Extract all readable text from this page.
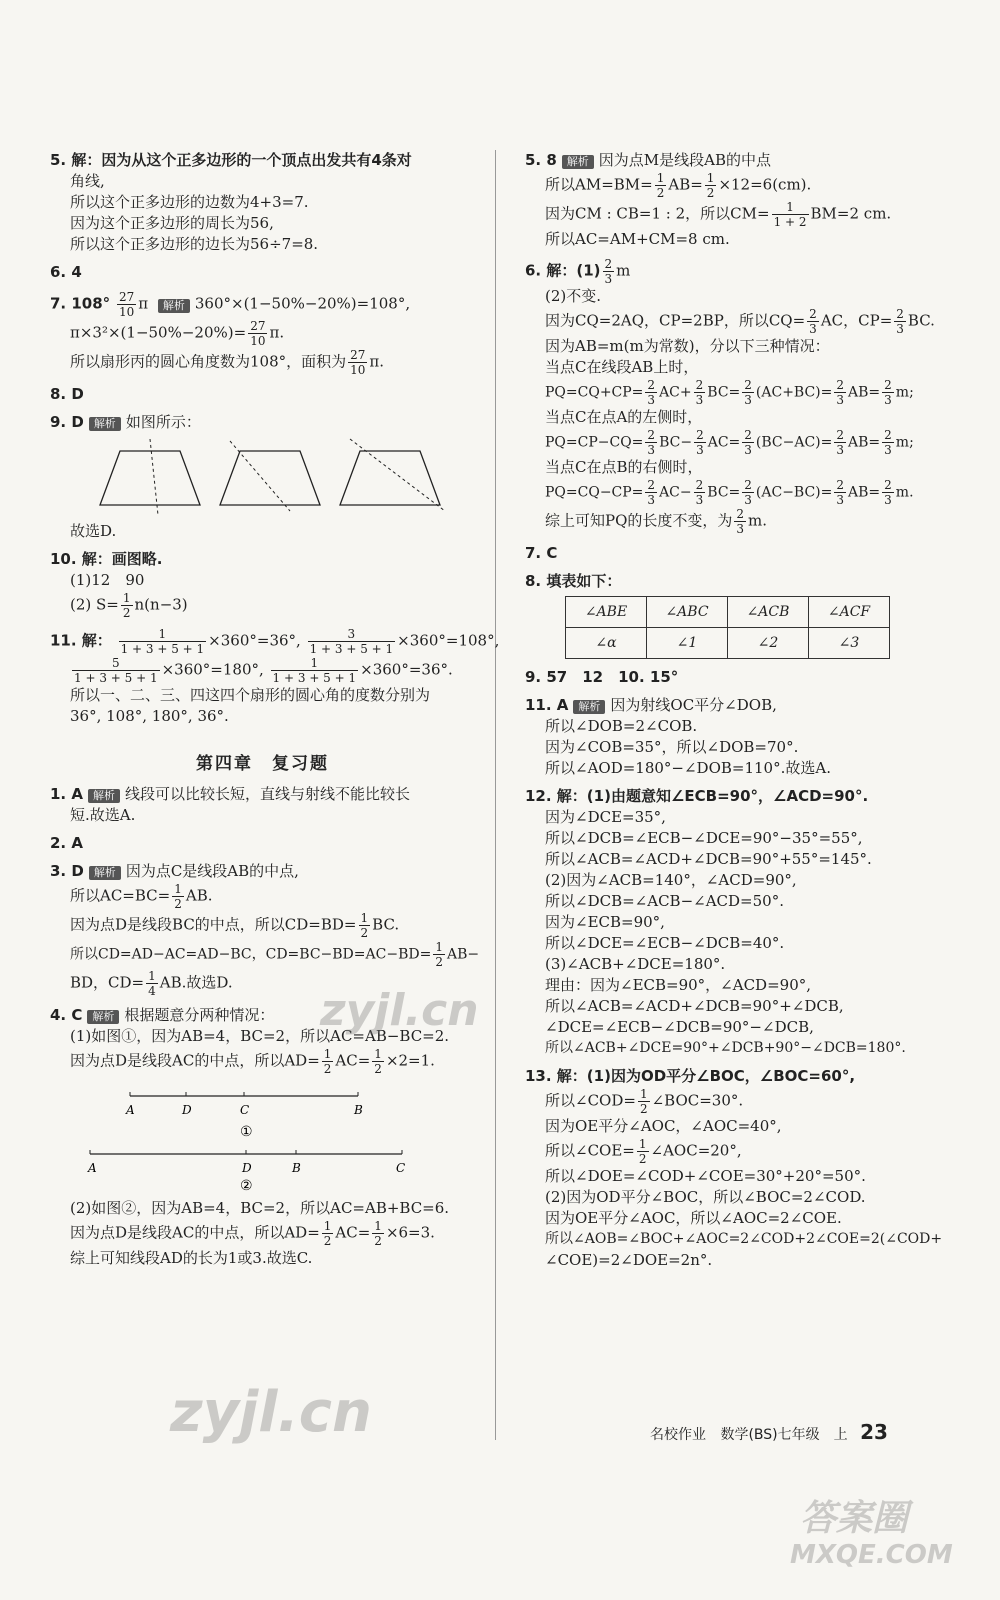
5. 解：因为从这个正多边形的一个顶点出发共有4条对
角线,
所以这个正多边形的边数为4+3=7.
因为这个正多边形的周长为56,
所以这个正多边形的边长为56÷7=8.
6. 4
7. $108^\circ \frac{27}{10}$ π 解析 360°×(1−50%−20%)=108°,
$\pi\times 3^2\times(1-50\%-20\%)= \frac{27}{10} \pi$.
所以扇形丙的圆心角度数为108°，面积为 $\frac{27}{10} \pi$.
8. D
9. D 解析 如图所示：
故选D.
10. 解：画图略.
(1)12　90
(2) $S= \frac{1}{2} n(n-3)$
11. 解： $\frac{1}{1 + 3 + 5 + 1} \times 360^\circ=36^\circ$, $\frac{3}{1 + 3 + 5 + 1} \times 360^\circ=108^\circ$,
$\frac{5}{1 + 3 + 5 + 1} \times 360^\circ=180^\circ$, $\frac{1}{1 + 3 + 5 + 1} \times 360^\circ=36^\circ$.
所以一、二、三、四这四个扇形的圆心角的度数分别为
36°, 108°, 180°, 36°.
第四章　复习题
1. A 解析 线段可以比较长短，直线与射线不能比较长
短.故选A.
2. A
3. D 解析 因为点C是线段AB的中点,
所以$AC=BC= \frac{1}{2}$ AB.
因为点D是线段BC的中点，所以$CD=BD= \frac{1}{2}$ BC.
所以CD=AD−AC=AD−BC，$CD=BC-BD=AC-BD= \frac{1}{2} AB-$
BD，$CD= \frac{1}{4}$ AB.故选D.
4. C 解析 根据题意分两种情况：
(1)如图①，因为AB=4，BC=2，所以AC=AB−BC=2.
因为点D是线段AC的中点，所以$AD= \frac{1}{2} AC= \frac{1}{2} \times 2=1$.
A	D	C	B
①
A	D	B	C
②
(2)如图②，因为AB=4，BC=2，所以AC=AB+BC=6.
因为点D是线段AC的中点，所以$AD= \frac{1}{2} AC= \frac{1}{2} \times 6=3$.
综上可知线段AD的长为1或3.故选C.
5. 8 解析 因为点M是线段AB的中点
所以$AM=BM= \frac{1}{2} AB= \frac{1}{2} \times 12=6(cm)$.
因为CM : CB=1 : 2，所以$CM= \frac{1}{1 + 2} BM=2$ cm.
所以AC=AM+CM=8 cm.
6. 解：$(1) \frac{2}{3}$ m
(2)不变.
因为CQ=2AQ，CP=2BP，所以$CQ= \frac{2}{3}$ AC，$CP= \frac{2}{3}$ BC.
因为AB=m(m为常数)，分以下三种情况：
当点C在线段AB上时，
$PQ=CQ+CP= \frac{2}{3} AC+ \frac{2}{3} BC= \frac{2}{3} (AC+BC)= \frac{2}{3} AB= \frac{2}{3} m$;
当点C在点A的左侧时，
$PQ=CP-CQ= \frac{2}{3} BC- \frac{2}{3} AC= \frac{2}{3} (BC-AC)= \frac{2}{3} AB= \frac{2}{3} m$;
当点C在点B的右侧时，
$PQ=CQ-CP= \frac{2}{3} AC- \frac{2}{3} BC= \frac{2}{3} (AC-BC)= \frac{2}{3} AB= \frac{2}{3} m$.
综上可知PQ的长度不变，为 $\frac{2}{3} m$.
7. C
8. 填表如下：
∠ABE	∠ABC	∠ACB	∠ACF
∠α	∠1	∠2	∠3
9. 57　12　10. 15°
11. A 解析 因为射线OC平分∠DOB,
所以∠DOB=2∠COB.
因为∠COB=35°，所以∠DOB=70°.
所以∠AOD=180°−∠DOB=110°.故选A.
12. 解：(1)由题意知∠ECB=90°，∠ACD=90°.
因为∠DCE=35°,
所以∠DCB=∠ECB−∠DCE=90°−35°=55°,
所以∠ACB=∠ACD+∠DCB=90°+55°=145°.
(2)因为∠ACB=140°，∠ACD=90°,
所以∠DCB=∠ACB−∠ACD=50°.
因为∠ECB=90°,
所以∠DCE=∠ECB−∠DCB=40°.
(3)∠ACB+∠DCE=180°.
理由：因为∠ECB=90°，∠ACD=90°,
所以∠ACB=∠ACD+∠DCB=90°+∠DCB,
∠DCE=∠ECB−∠DCB=90°−∠DCB,
所以∠ACB+∠DCE=90°+∠DCB+90°−∠DCB=180°.
13. 解：(1)因为OD平分∠BOC，∠BOC=60°,
所以∠COD= $\frac{1}{2}$ ∠BOC=30°.
因为OE平分∠AOC，∠AOC=40°,
所以∠COE= $\frac{1}{2}$ ∠AOC=20°,
所以∠DOE=∠COD+∠COE=30°+20°=50°.
(2)因为OD平分∠BOC，所以∠BOC=2∠COD.
因为OE平分∠AOC，所以∠AOC=2∠COE.
所以∠AOB=∠BOC+∠AOC=2∠COD+2∠COE=2(∠COD+
∠COE)=2∠DOE=2n°.
名校作业 数学(BS)七年级　上 23
zyjl.cn
zyjl.cn
答案圈
MXQE.COM
